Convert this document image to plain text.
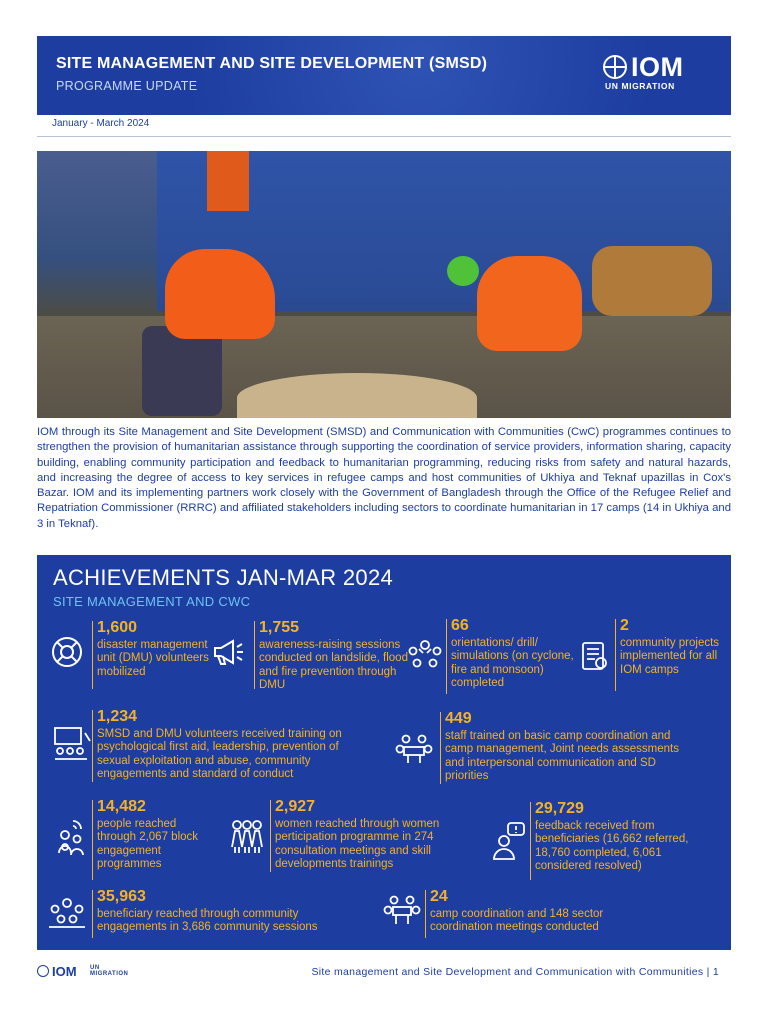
SITE MANAGEMENT AND SITE DEVELOPMENT (SMSD)
PROGRAMME UPDATE
IOM
UN MIGRATION
January - March 2024

IOM through its Site Management and Site Development (SMSD) and Communication with Communities (CwC) programmes continues to strengthen the provision of humanitarian assistance through supporting the coordination of service providers, information sharing, capacity building, enabling community participation and feedback to humanitarian programming, reducing risks from safety and natural hazards, and increasing the degree of access to key services in refugee camps and host communities of Ukhiya and Teknaf upazillas in Cox's Bazar. IOM and its implementing partners work closely with the Government of Bangladesh through the Office of the Refugee Relief and Repatriation Commissioner (RRRC) and affiliated stakeholders including sectors to coordinate humanitarian in 17 camps (14 in Ukhiya and 3 in Teknaf).

ACHIEVEMENTS JAN-MAR 2024
SITE MANAGEMENT AND CWC
1,600
disaster management unit (DMU) volunteers mobilized
1,755
awareness-raising sessions conducted on landslide, flood and fire prevention through DMU
66
orientations/ drill/ simulations (on cyclone, fire and monsoon) completed
2
community projects implemented for all IOM camps
1,234
SMSD and DMU volunteers received training on psychological first aid, leadership, prevention of sexual exploitation and abuse, community engagements and standard of conduct
449
staff trained on basic camp coordination and camp management, Joint needs assessments and interpersonal communication and SD priorities
14,482
people reached through 2,067 block engagement programmes
2,927
women reached through women perticipation programme in 274 consultation meetings and skill developments trainings
29,729
feedback received from beneficiaries (16,662 referred, 18,760 completed, 6,061 considered resolved)
35,963
beneficiary reached through community engagements in 3,686 community sessions
24
camp coordination and 148 sector coordination meetings conducted
IOM UN
MIGRATION	Site management and Site Development and Communication with Communities | 1
